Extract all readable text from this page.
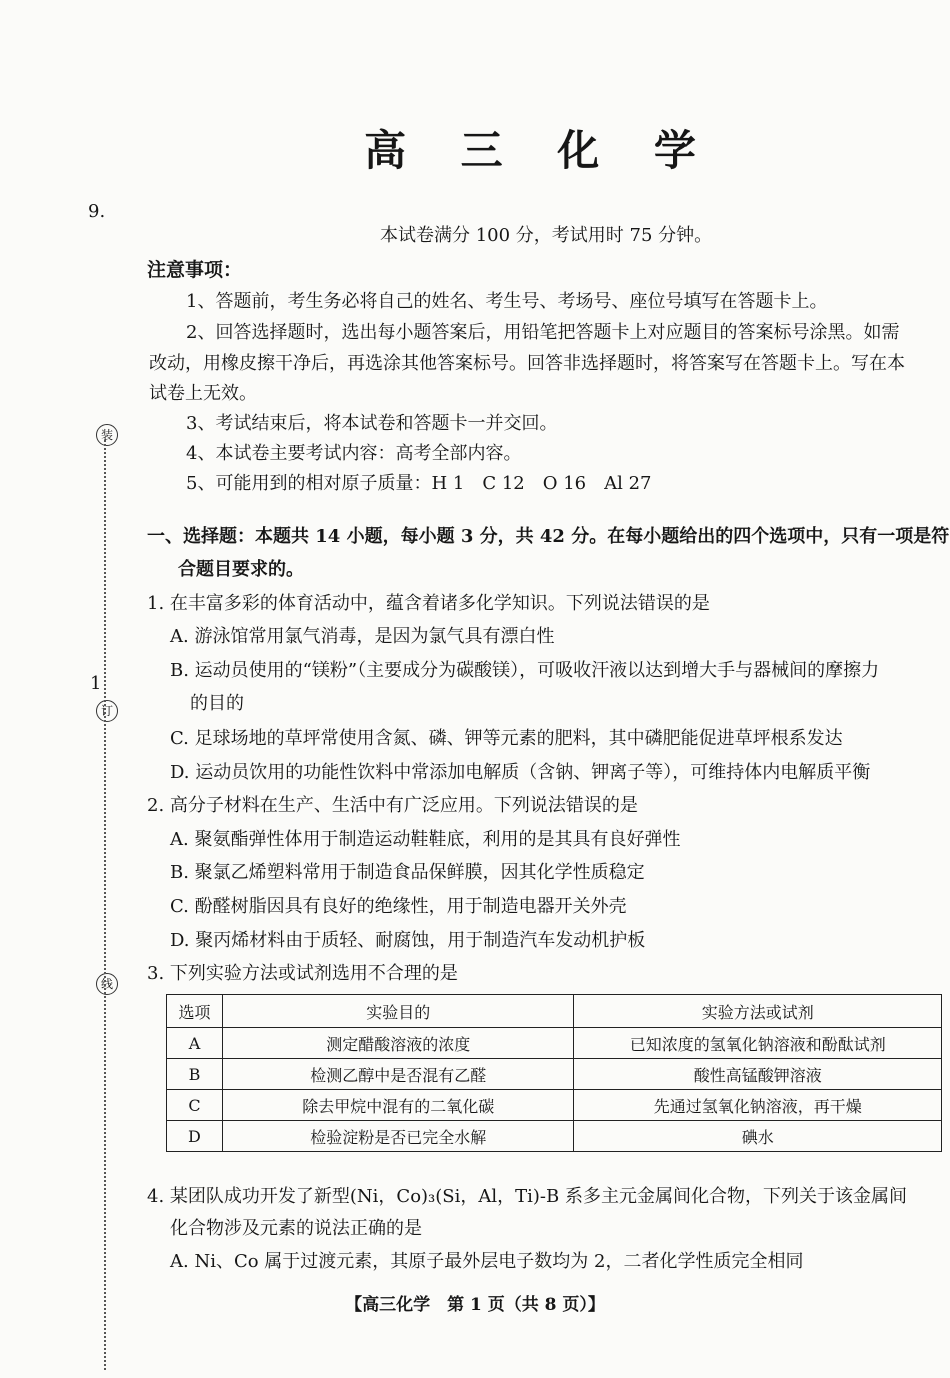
高 三 化 学
本试卷满分 100 分，考试用时 75 分钟。
9.
1
装
订
线
注意事项：
1、答题前，考生务必将自己的姓名、考生号、考场号、座位号填写在答题卡上。
2、回答选择题时，选出每小题答案后，用铅笔把答题卡上对应题目的答案标号涂黑。如需
改动，用橡皮擦干净后，再选涂其他答案标号。回答非选择题时，将答案写在答题卡上。写在本
试卷上无效。
3、考试结束后，将本试卷和答题卡一并交回。
4、本试卷主要考试内容：高考全部内容。
5、可能用到的相对原子质量：H 1　C 12　O 16　Al 27
一、选择题：本题共 14 小题，每小题 3 分，共 42 分。在每小题给出的四个选项中，只有一项是符
合题目要求的。
1. 在丰富多彩的体育活动中，蕴含着诸多化学知识。下列说法错误的是
A. 游泳馆常用氯气消毒，是因为氯气具有漂白性
B. 运动员使用的“镁粉”（主要成分为碳酸镁），可吸收汗液以达到增大手与器械间的摩擦力
的目的
C. 足球场地的草坪常使用含氮、磷、钾等元素的肥料，其中磷肥能促进草坪根系发达
D. 运动员饮用的功能性饮料中常添加电解质（含钠、钾离子等），可维持体内电解质平衡
2. 高分子材料在生产、生活中有广泛应用。下列说法错误的是
A. 聚氨酯弹性体用于制造运动鞋鞋底，利用的是其具有良好弹性
B. 聚氯乙烯塑料常用于制造食品保鲜膜，因其化学性质稳定
C. 酚醛树脂因具有良好的绝缘性，用于制造电器开关外壳
D. 聚丙烯材料由于质轻、耐腐蚀，用于制造汽车发动机护板
3. 下列实验方法或试剂选用不合理的是
选项	实验目的	实验方法或试剂
A	测定醋酸溶液的浓度	已知浓度的氢氧化钠溶液和酚酞试剂
B	检测乙醇中是否混有乙醛	酸性高锰酸钾溶液
C	除去甲烷中混有的二氧化碳	先通过氢氧化钠溶液，再干燥
D	检验淀粉是否已完全水解	碘水
4. 某团队成功开发了新型(Ni，Co)₃(Si，Al，Ti)-B 系多主元金属间化合物，下列关于该金属间
化合物涉及元素的说法正确的是
A. Ni、Co 属于过渡元素，其原子最外层电子数均为 2，二者化学性质完全相同
【高三化学　第 1 页（共 8 页）】
